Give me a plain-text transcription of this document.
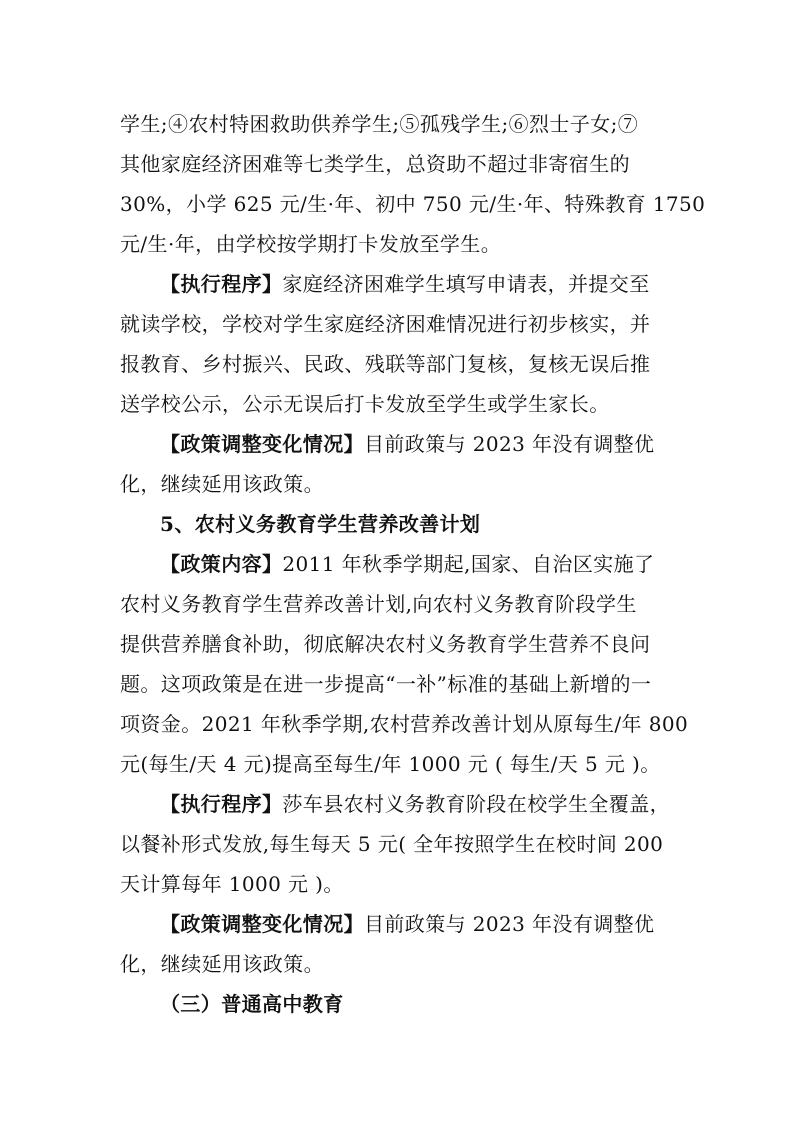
学生;④农村特困救助供养学生;⑤孤残学生;⑥烈士子女;⑦
其他家庭经济困难等七类学生，总资助不超过非寄宿生的
30%，小学 625 元/生·年、初中 750 元/生·年、特殊教育 1750
元/生·年，由学校按学期打卡发放至学生。
【执行程序】家庭经济困难学生填写申请表，并提交至
就读学校，学校对学生家庭经济困难情况进行初步核实，并
报教育、乡村振兴、民政、残联等部门复核，复核无误后推
送学校公示，公示无误后打卡发放至学生或学生家长。
【政策调整变化情况】目前政策与 2023 年没有调整优
化，继续延用该政策。
5、农村义务教育学生营养改善计划
【政策内容】2011 年秋季学期起,国家、自治区实施了
农村义务教育学生营养改善计划,向农村义务教育阶段学生
提供营养膳食补助，彻底解决农村义务教育学生营养不良问
题。这项政策是在进一步提高“一补”标准的基础上新增的一
项资金。2021 年秋季学期,农村营养改善计划从原每生/年 800
元(每生/天 4 元)提高至每生/年 1000 元 ( 每生/天 5 元 )。
【执行程序】莎车县农村义务教育阶段在校学生全覆盖，
以餐补形式发放,每生每天 5 元( 全年按照学生在校时间 200
天计算每年 1000 元 )。
【政策调整变化情况】目前政策与 2023 年没有调整优
化，继续延用该政策。
（三）普通高中教育
